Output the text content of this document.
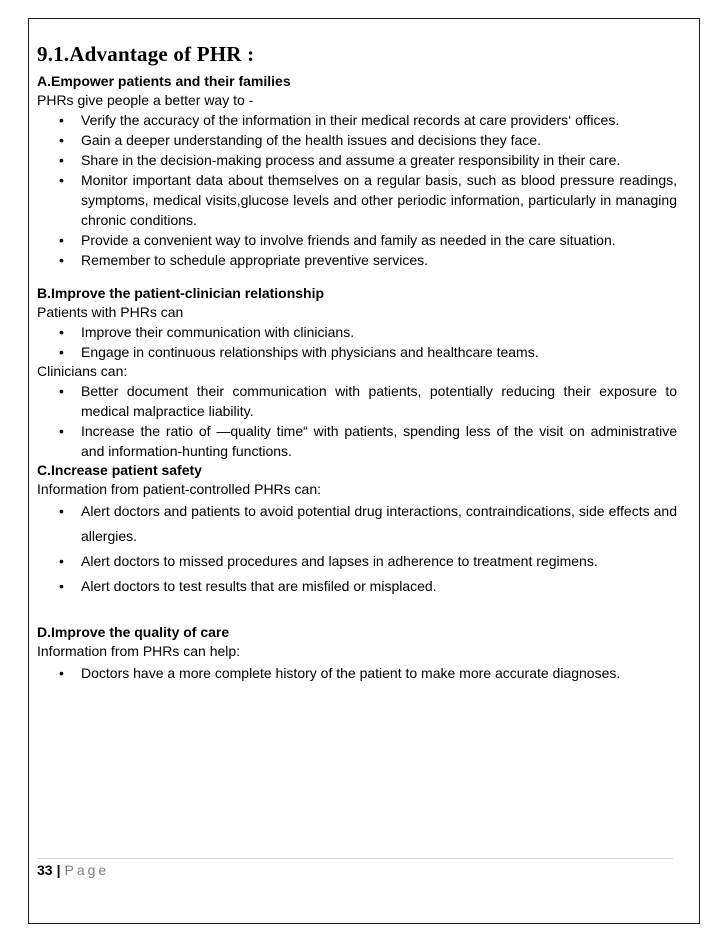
9.1.Advantage of PHR :

A.Empower patients and their families

PHRs give people a better way to -

• Verify the accuracy of the information in their medical records at care providers‘ offices.
• Gain a deeper understanding of the health issues and decisions they face.
• Share in the decision-making process and assume a greater responsibility in their care.
• Monitor important data about themselves on a regular basis, such as blood pressure readings, symptoms, medical visits,glucose levels and other periodic information, particularly in managing chronic conditions.
• Provide a convenient way to involve friends and family as needed in the care situation.
• Remember to schedule appropriate preventive services.

B.Improve the patient-clinician relationship

Patients with PHRs can

• Improve their communication with clinicians.
• Engage in continuous relationships with physicians and healthcare teams.

Clinicians can:

• Better document their communication with patients, potentially reducing their exposure to medical malpractice liability.
• Increase the ratio of —quality time“ with patients, spending less of the visit on administrative and information-hunting functions.

C.Increase patient safety

Information from patient-controlled PHRs can:

• Alert doctors and patients to avoid potential drug interactions, contraindications, side effects and allergies.
• Alert doctors to missed procedures and lapses in adherence to treatment regimens.
• Alert doctors to test results that are misfiled or misplaced.

D.Improve the quality of care

Information from PHRs can help:

• Doctors have a more complete history of the patient to make more accurate diagnoses.
33 | Page
